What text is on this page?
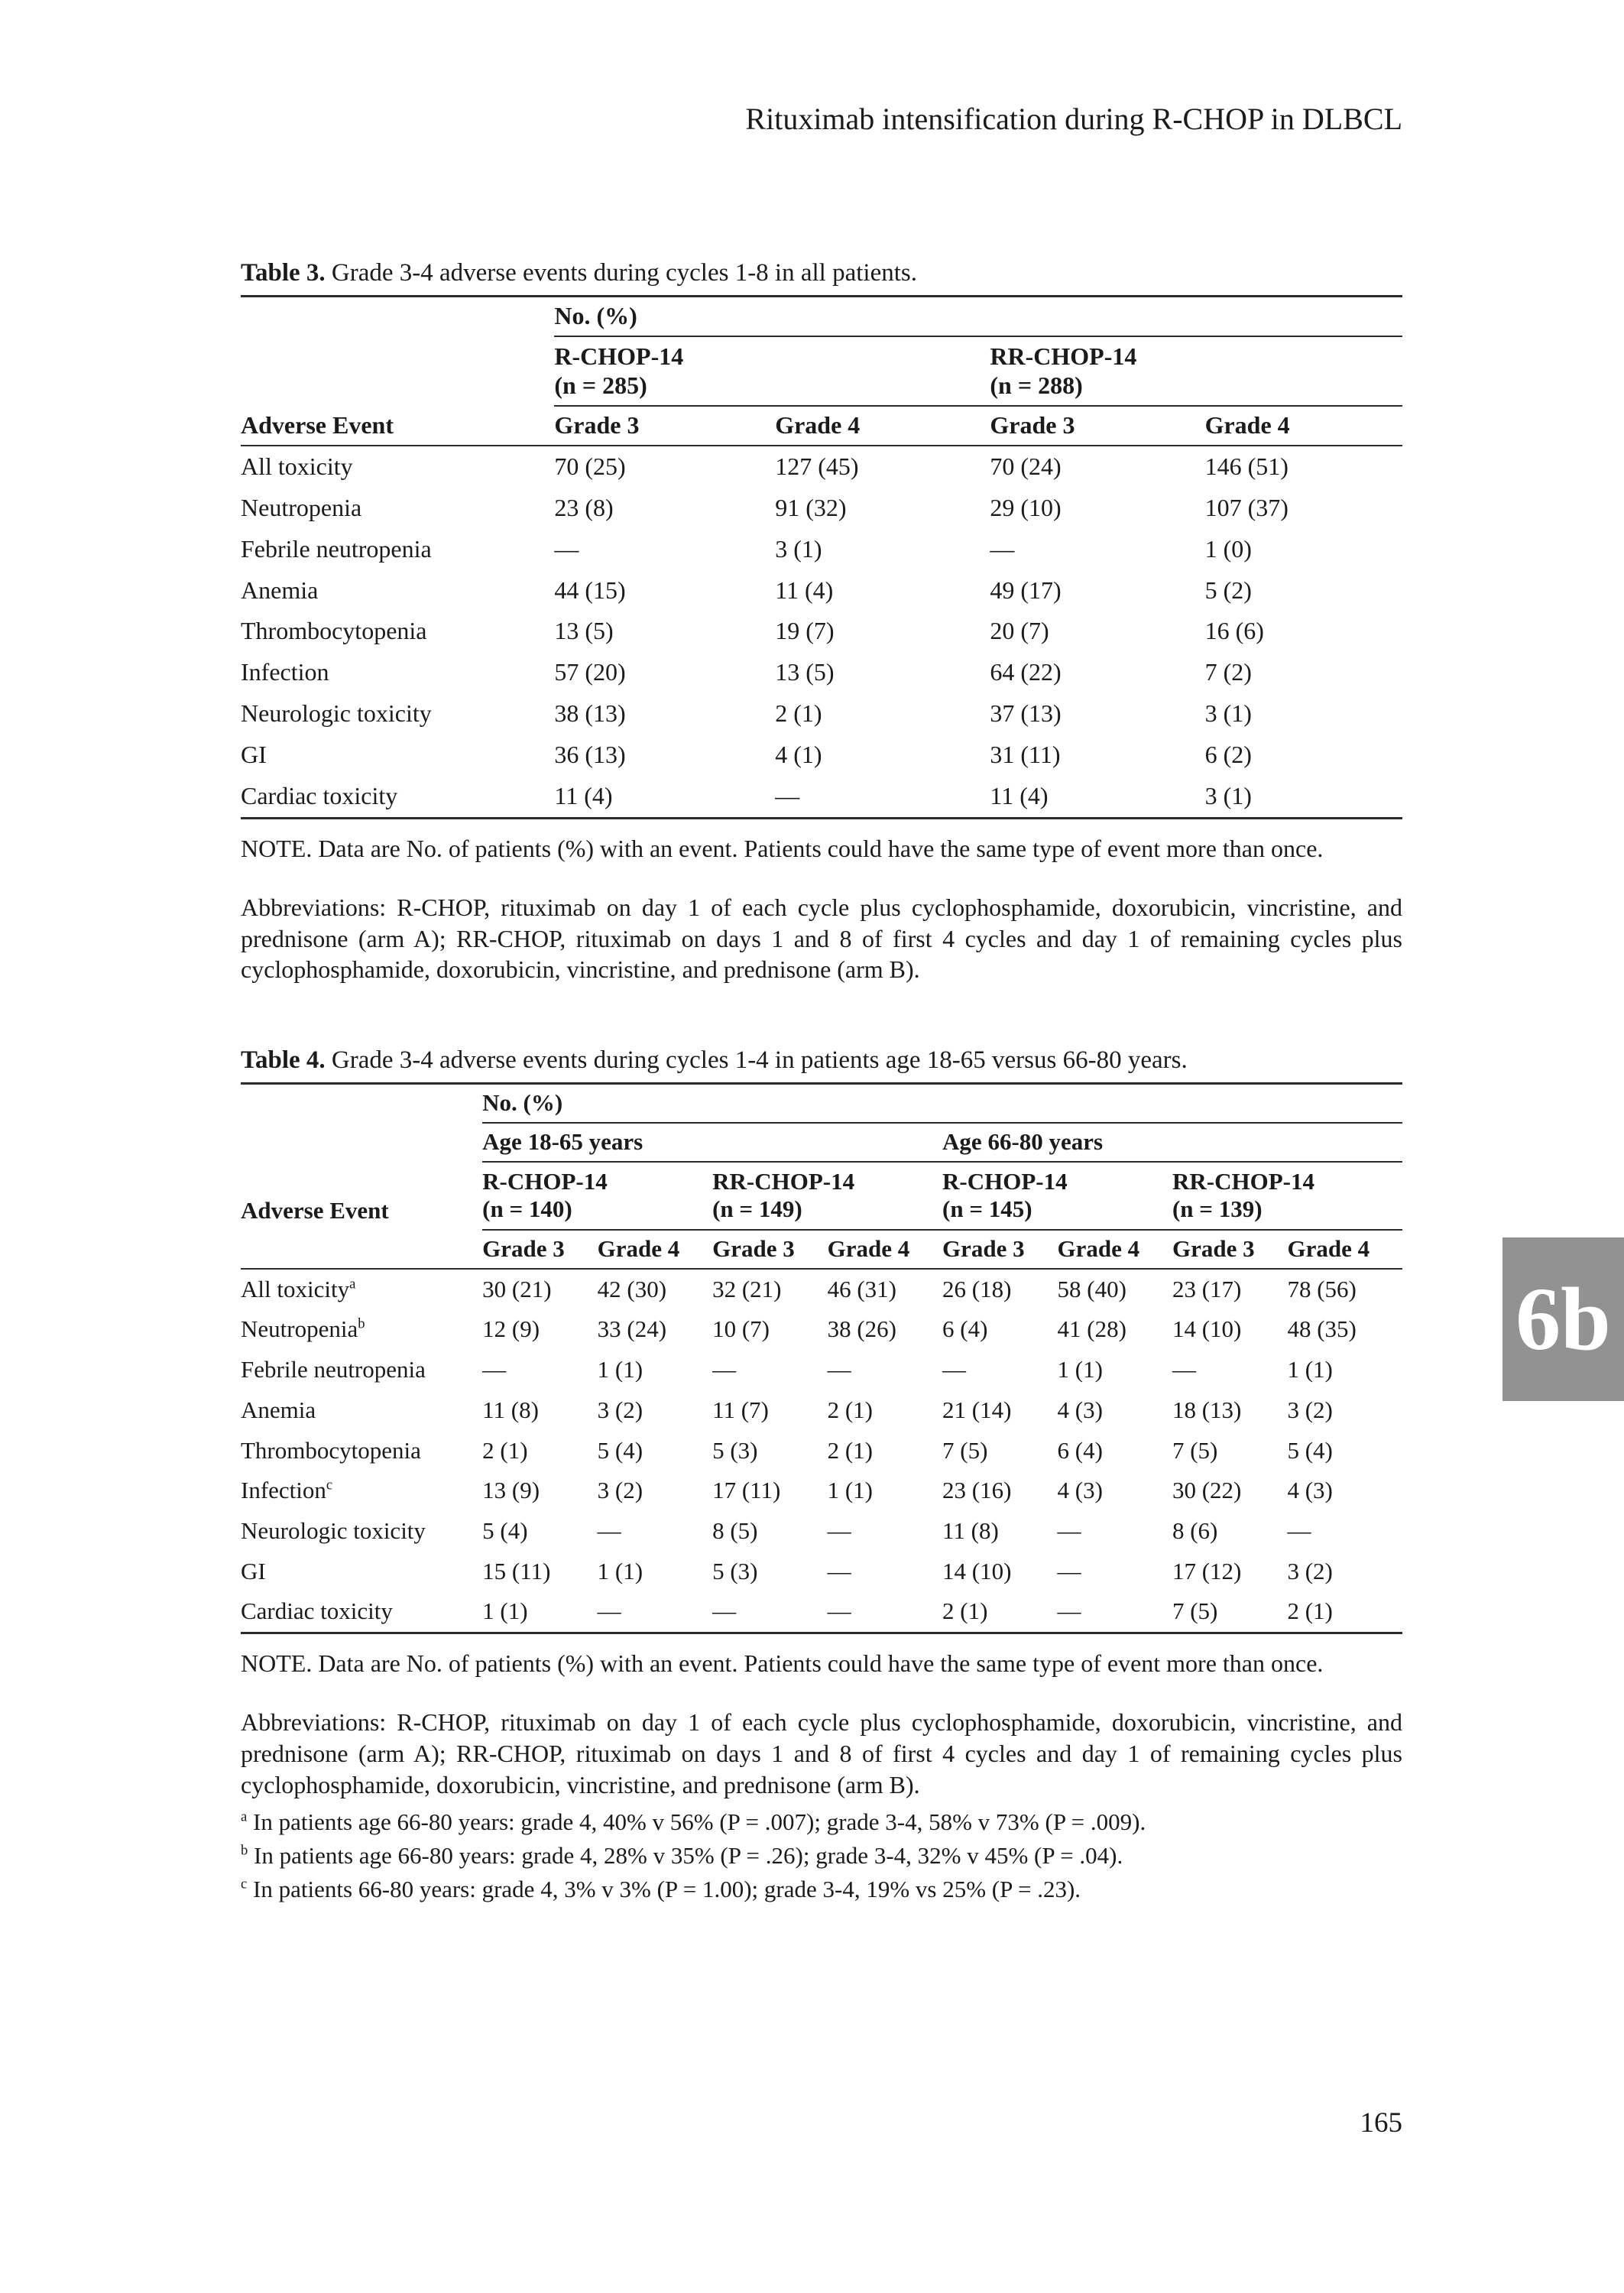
Rituximab intensification during R-CHOP in DLBCL

Table 3. Grade 3-4 adverse events during cycles 1-8 in all patients.

	No. (%)			

R-CHOP-14
(n = 285)

RR-CHOP-14
(n = 288)

Adverse Event	Grade 3	Grade 4	Grade 3	Grade 4
All toxicity	70 (25)	127 (45)	70 (24)	146 (51)
Neutropenia	23 (8)	91 (32)	29 (10)	107 (37)
Febrile neutropenia	—	3 (1)	—	1 (0)
Anemia	44 (15)	11 (4)	49 (17)	5 (2)
Thrombocytopenia	13 (5)	19 (7)	20 (7)	16 (6)
Infection	57 (20)	13 (5)	64 (22)	7 (2)
Neurologic toxicity	38 (13)	2 (1)	37 (13)	3 (1)
GI	36 (13)	4 (1)	31 (11)	6 (2)
Cardiac toxicity	11 (4)	—	11 (4)	3 (1)

NOTE. Data are No. of patients (%) with an event. Patients could have the same type of event more than once.

Abbreviations: R-CHOP, rituximab on day 1 of each cycle plus cyclophosphamide, doxorubicin, vincristine, and prednisone (arm A); RR-CHOP, rituximab on days 1 and 8 of first 4 cycles and day 1 of remaining cycles plus cyclophosphamide, doxorubicin, vincristine, and prednisone (arm B).

Table 4. Grade 3-4 adverse events during cycles 1-4 in patients age 18-65 versus 66-80 years.

	No. (%)							
	Age 18-65 years				Age 66-80 years			
Adverse Event	
R-CHOP-14
(n = 140)

RR-CHOP-14
(n = 149)

R-CHOP-14
(n = 145)

RR-CHOP-14
(n = 139)

	Grade 3	Grade 4	Grade 3	Grade 4	Grade 3	Grade 4	Grade 3	Grade 4
All toxicity$^a$	30 (21)	42 (30)	32 (21)	46 (31)	26 (18)	58 (40)	23 (17)	78 (56)
Neutropenia$^b$	12 (9)	33 (24)	10 (7)	38 (26)	6 (4)	41 (28)	14 (10)	48 (35)
Febrile neutropenia	—	1 (1)	—	—	—	1 (1)	—	1 (1)
Anemia	11 (8)	3 (2)	11 (7)	2 (1)	21 (14)	4 (3)	18 (13)	3 (2)
Thrombocytopenia	2 (1)	5 (4)	5 (3)	2 (1)	7 (5)	6 (4)	7 (5)	5 (4)
Infection$^c$	13 (9)	3 (2)	17 (11)	1 (1)	23 (16)	4 (3)	30 (22)	4 (3)
Neurologic toxicity	5 (4)	—	8 (5)	—	11 (8)	—	8 (6)	—
GI	15 (11)	1 (1)	5 (3)	—	14 (10)	—	17 (12)	3 (2)
Cardiac toxicity	1 (1)	—	—	—	2 (1)	—	7 (5)	2 (1)

NOTE. Data are No. of patients (%) with an event. Patients could have the same type of event more than once.

Abbreviations: R-CHOP, rituximab on day 1 of each cycle plus cyclophosphamide, doxorubicin, vincristine, and prednisone (arm A); RR-CHOP, rituximab on days 1 and 8 of first 4 cycles and day 1 of remaining cycles plus cyclophosphamide, doxorubicin, vincristine, and prednisone (arm B).

$^a$ In patients age 66-80 years: grade 4, 40% v 56% (P = .007); grade 3-4, 58% v 73% (P = .009).

$^b$ In patients age 66-80 years: grade 4, 28% v 35% (P = .26); grade 3-4, 32% v 45% (P = .04).

$^c$ In patients 66-80 years: grade 4, 3% v 3% (P = 1.00); grade 3-4, 19% vs 25% (P = .23).

6b
165
